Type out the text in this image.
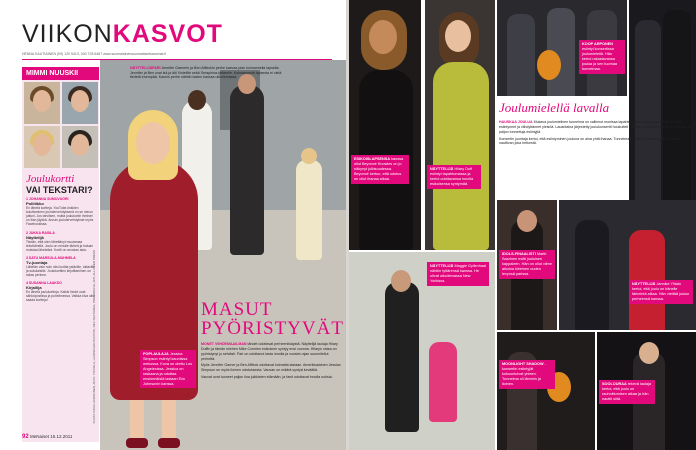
VIIKONKASVOT
HENNA KAUTIAINEN (09) 120 5413, 040 728 6467 www.suomalainensuomalaisetsanomat.fi
MIMMI NUUSKII
Joulukortti
VAI TEKSTARI?
1 JOHANNA SUMUVUORI
Poliitikko
En lähetä kortteja. YouTube-linkkien kuluttaminen joulutervehdyksenä on se minun juttuni. Jos tarvitsen, mutta joulukortin ihmiset on liian jäykkä. Annan joulutervehdykset myös Facebookissa.
2 JUKKA RASILA
Näyttelijä
Tiedän, että olen lähettänyt muutamaa tekstiviestiä. Joulu on minulle tärkeä ja haluan muistaa läheisiäni. Kortti on arvokas asia.
3 SATU MARSULA-MUHMELA
Tv-juontaja
Lähetän vain noin viisi korttia ystäville, tuttaville ja sukulaisille. Joulukorttien kirjoittaminen on rakas perinne.
4 SUSANNA LAAKSO
Kirjailija
En lähetä joulukortteja. Kaikki tiedot ovat sähköpostissa ja puhelimessa. Vaikka kiva olisi saada kortteja!
NÄYTTELIJÄPARI Jennifer Garnerin ja Ben Affleckin perhe kasvaa pian kolmannella lapsella. Jennifer ja Ben ovat isä ja äiti Violetille sekä Seraphina-tyttärelle. Kolmannesta lapsesta ei vielä tiedetä enempää. Kaunis perhe nähtiin lasten kanssa ulkoilemassa.
POPLAULAJA Jessica Simpson esiintyi kauniissa mekossa. Kuva on otettu Los Angelesissa. Jessica on raskaana ja odottaa ensimmäistä lastaan Eric Johnsonin kanssa.
KUVAT: PAVA LAUKKONEN, ARI K. TOIVOLA, LAAKSOLEN PHOTOS, REX FEATURES, PRESSIKUVA, AFP, ALL OVER PRESS	MASUT
PYÖRISTYVÄT

MONET VIIHDEMAAILMAN tähdet odottavat perheenlisäystä. Näyttelijä laulaja Hilary Duffin ja tämän miehen Mike Comrien esikoinen syntyy ensi vuonna. Hilaryn vatsa on pyöristynyt jo selvästi. Pari on odottanut lasta innolla ja vuosien ajan suunnitellut perhettä.

Myös Jennifer Garner ja Ben Affleck odottavat kolmatta lastaan. Amerikkalainen Jessica Simpson on myös iloinen odotuksesta. Vauvan on määrä syntyä keväällä.

Vauvat ovat tuoneet paljon iloa julkkisten elämään, ja fanit odottavat innolla uutisia.

92 MeNaiset 15.12.2011
Joulumielellä lavalla

HAUSKAA JOULUA Mukava joulumielinen tunnelma on vallinnut monissa tapahtumissa tänä jouluna. Tähdet ovat esiintyneet ja viihdyttäneet yleisöä. Lauantaina järjestetty joulukonsertti houkutteli paikalle runsaasti yleisöä ja mukana oli paljon tunnettuja esiintyjiä.

Konsertin juontaja kertoi, että esiintyminen jouluna on aina yhtä ihanaa. Tunnelma oli lämmin ja esiintyjät tuntuivat nauttivan joka hetkestä.

ESIKOISLAPSENSA kanssa ollut Beyoncé Knowles on jo näkynyt julkisuudessa. Beyoncé kertoo, että odotus on ollut ihanaa aikaa.
NÄYTTELIJÄ Hilary Duff esiintyi tapahtumassa ja kertoi odottavansa innolla esikoisensa syntymää.
NÄYTTELIJÄ Maggie Gyllenhaal nähtiin tyttärensä kanssa. He olivat ulkoilemassa New Yorkissa.
KOOP ARPONEN esiintyi konsertissa joulumielellä. Hän kertoi rakastavansa joulua ja sen tuomaa tunnelmaa.
IDOLS-FINAALISTI Martti Saarinen esitti jouluisen kappaleen. Hän on ollut viime aikoina kiireinen uuden levynsä parissa.
MOONLIGHT SHADOW -konsertin esiintyjät kokoontuivat yhteen. Tunnelma oli lämmin ja iloinen.
NÄYTTELIJÄ Jannike Ylitalo kertoi, että joulu on hänelle tärkeintä aikaa. Hän viettää joulun perheensä kanssa.
SOOLOURAA tekevä laulaja kertoi, että joulu on rauhoittumisen aikaa ja hän nauttii siitä.
